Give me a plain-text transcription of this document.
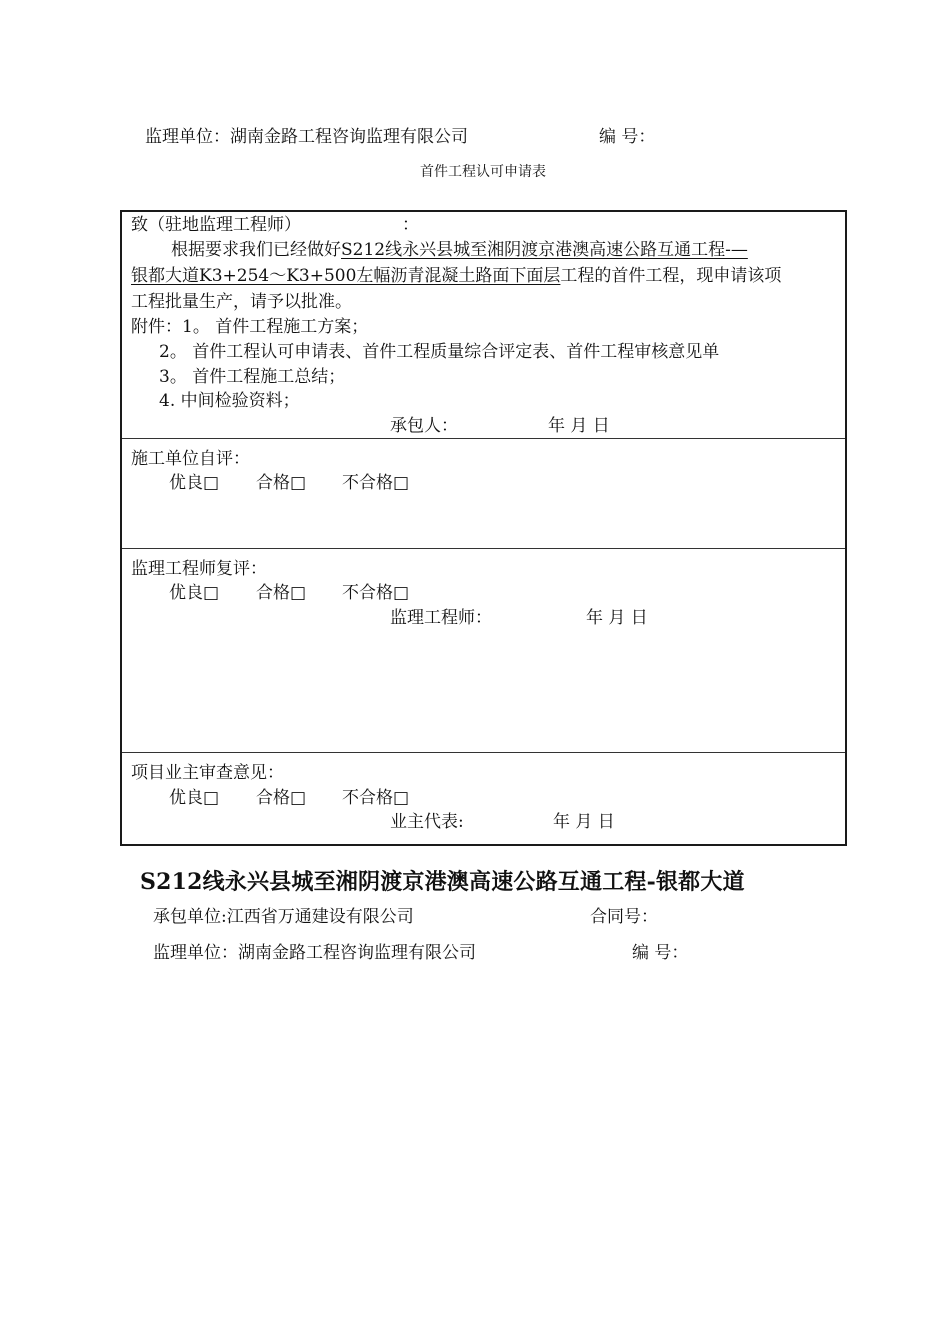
监理单位：湖南金路工程咨询监理有限公司	编 号：
首件工程认可申请表
致（驻地监理工程师）	：
根据要求我们已经做好S212线永兴县城至湘阴渡京港澳高速公路互通工程-—
银都大道K3+254～K3+500左幅沥青混凝土路面下面层工程的首件工程，现申请该项
工程批量生产，请予以批准。
附件：1。 首件工程施工方案；
2。 首件工程认可申请表、首件工程质量综合评定表、首件工程审核意见单
3。 首件工程施工总结；
4. 中间检验资料；
承包人：	年 月 日
施工单位自评：
优良□ 合格□ 不合格□
监理工程师复评：
优良□ 合格□ 不合格□
监理工程师：	年 月 日
项目业主审查意见：
优良□ 合格□ 不合格□
业主代表:	年 月 日
S212线永兴县城至湘阴渡京港澳高速公路互通工程-银都大道
承包单位:江西省万通建设有限公司	合同号：
监理单位：湖南金路工程咨询监理有限公司	编 号：
